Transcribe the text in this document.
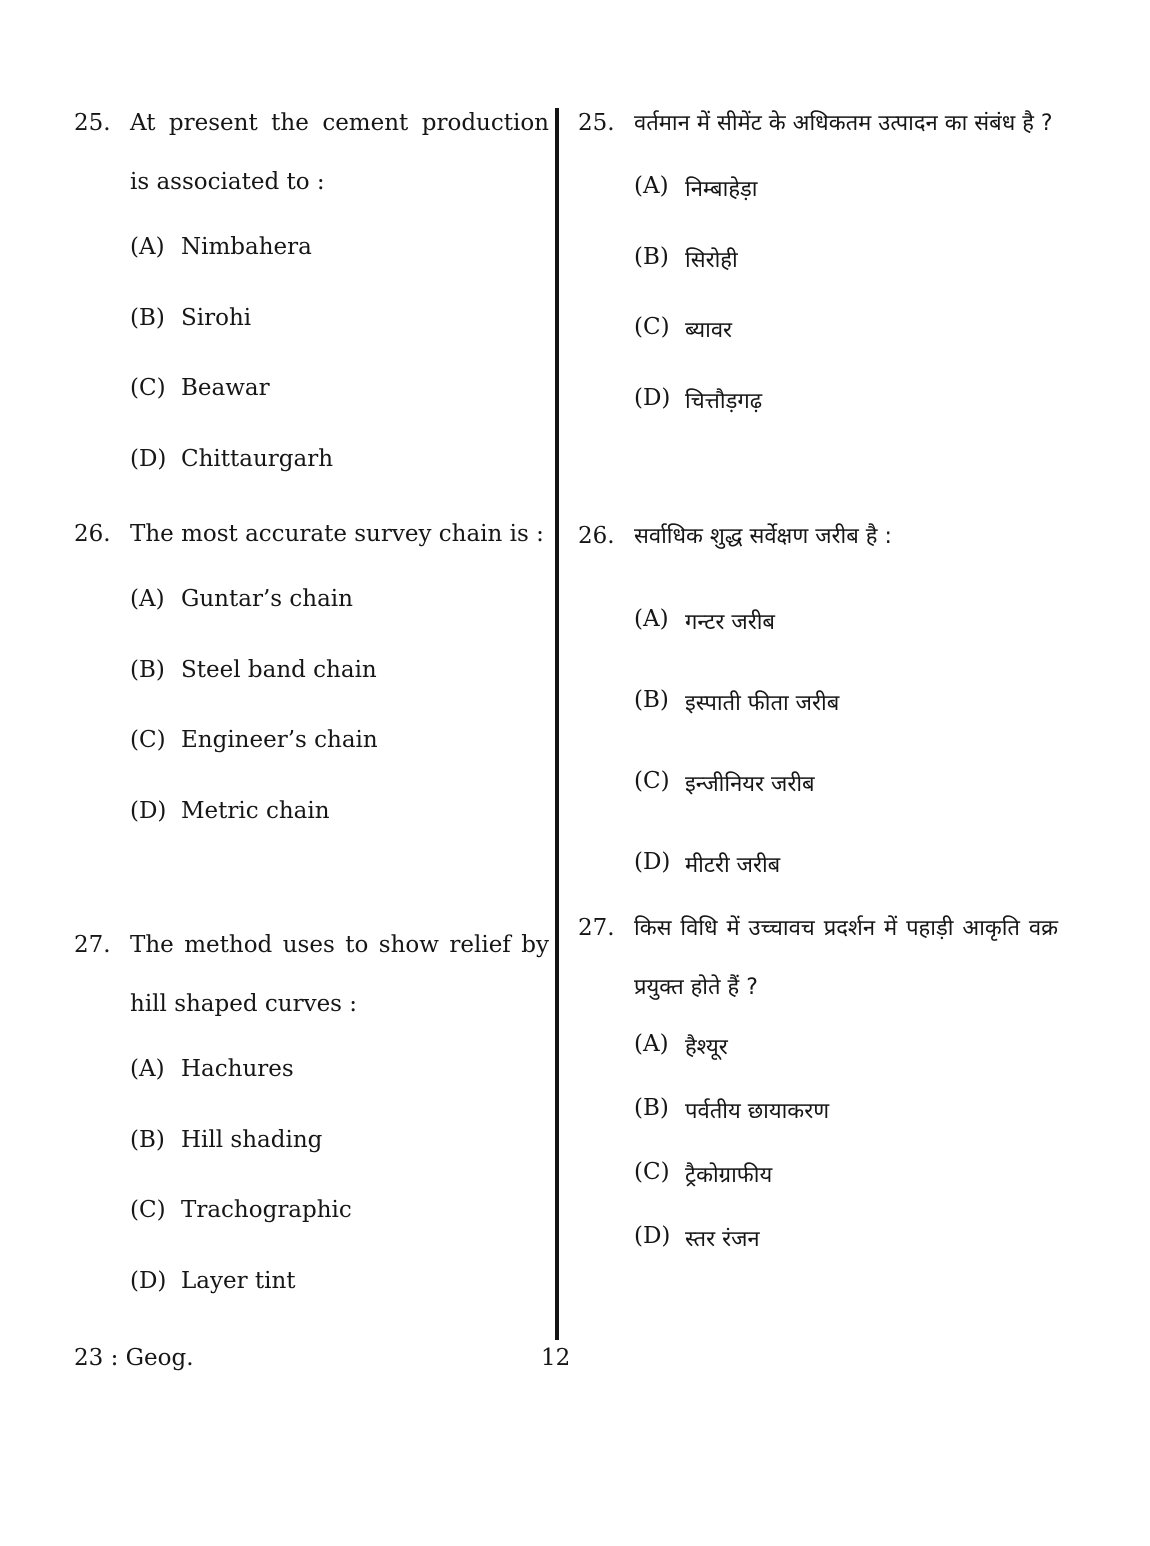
25. At present the cement production is associated to :
(A) Nimbahera
(B) Sirohi
(C) Beawar
(D) Chittaurgarh
26. The most accurate survey chain is :
(A) Guntar’s chain
(B) Steel band chain
(C) Engineer’s chain
(D) Metric chain
27. The method uses to show relief by hill shaped curves :
(A) Hachures
(B) Hill shading
(C) Trachographic
(D) Layer tint
25. वर्तमान में सीमेंट के अधिकतम उत्पादन का संबंध है ?
(A) निम्बाहेड़ा
(B) सिरोही
(C) ब्यावर
(D) चित्तौड़गढ़
26. सर्वाधिक शुद्ध सर्वेक्षण जरीब है :
(A) गन्टर जरीब
(B) इस्पाती फीता जरीब
(C) इन्जीनियर जरीब
(D) मीटरी जरीब
27. किस विधि में उच्चावच प्रदर्शन में पहाड़ी आकृति वक्र प्रयुक्त होते हैं ?
(A) हैश्यूर
(B) पर्वतीय छायाकरण
(C) ट्रैकोग्राफीय
(D) स्तर रंजन
23 : Geog.	12
